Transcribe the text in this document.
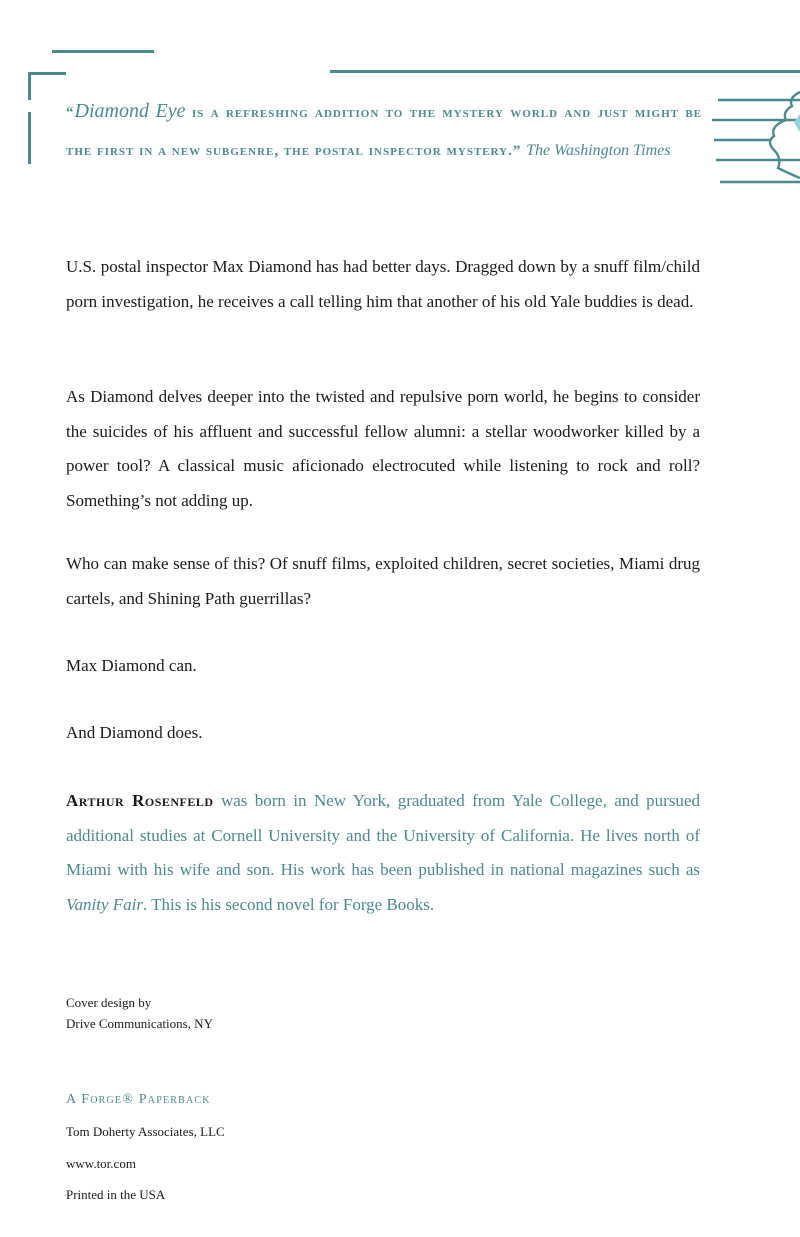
“Diamond Eye is a refreshing addition to the mystery world and just might be the first in a new subgenre, the postal inspector mystery.” The Washington Times

U.S. postal inspector Max Diamond has had better days. Dragged down by a snuff film/child porn investigation, he receives a call telling him that another of his old Yale buddies is dead.

As Diamond delves deeper into the twisted and repulsive porn world, he begins to consider the suicides of his affluent and successful fellow alumni: a stellar woodworker killed by a power tool? A classical music aficionado electrocuted while listening to rock and roll? Something’s not adding up.

Who can make sense of this? Of snuff films, exploited children, secret societies, Miami drug cartels, and Shining Path guerrillas?

Max Diamond can.

And Diamond does.

Arthur Rosenfeld was born in New York, graduated from Yale College, and pursued additional studies at Cornell University and the University of California. He lives north of Miami with his wife and son. His work has been published in national magazines such as Vanity Fair. This is his second novel for Forge Books.

Cover design by
Drive Communications, NY
A Forge® Paperback
Tom Doherty Associates, LLC
www.tor.com
Printed in the USA
